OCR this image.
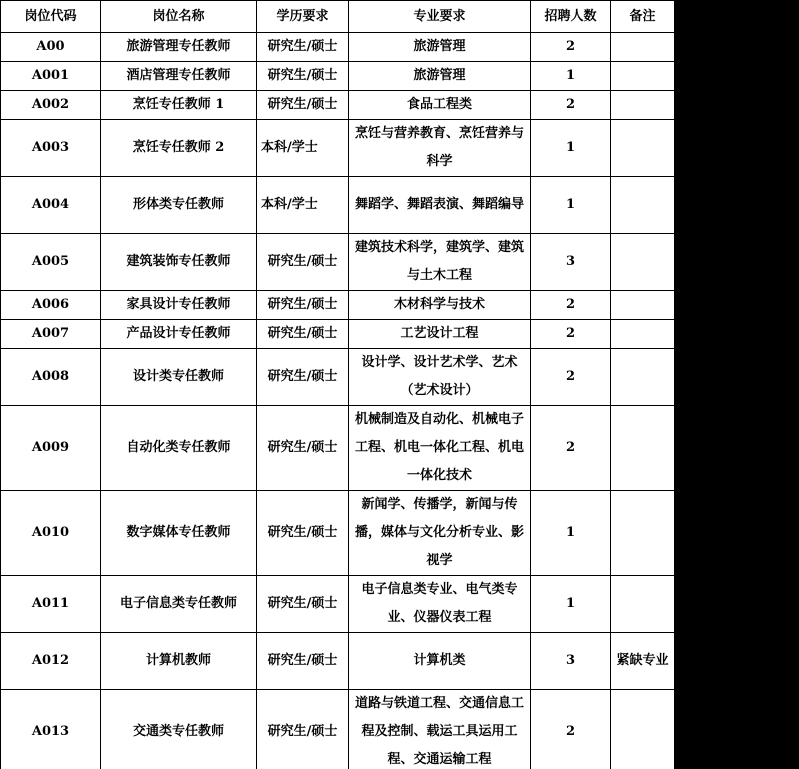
岗位代码	岗位名称	学历要求	专业要求	招聘人数	备注
A00	旅游管理专任教师	研究生/硕士	旅游管理	2	
A001	酒店管理专任教师	研究生/硕士	旅游管理	1	
A002	烹饪专任教师 1	研究生/硕士	食品工程类	2	
A003	烹饪专任教师 2	本科/学士	烹饪与营养教育、烹饪营养与科学	1	
A004	形体类专任教师	本科/学士	舞蹈学、舞蹈表演、舞蹈编导	1	
A005	建筑装饰专任教师	研究生/硕士	建筑技术科学，建筑学、建筑与土木工程	3	
A006	家具设计专任教师	研究生/硕士	木材科学与技术	2	
A007	产品设计专任教师	研究生/硕士	工艺设计工程	2	
A008	设计类专任教师	研究生/硕士	设计学、设计艺术学、艺术（艺术设计）	2	
A009	自动化类专任教师	研究生/硕士	机械制造及自动化、机械电子工程、机电一体化工程、机电一体化技术	2	
A010	数字媒体专任教师	研究生/硕士	新闻学、传播学，新闻与传播，媒体与文化分析专业、影视学	1	
A011	电子信息类专任教师	研究生/硕士	电子信息类专业、电气类专业、仪器仪表工程	1	
A012	计算机教师	研究生/硕士	计算机类	3	紧缺专业
A013	交通类专任教师	研究生/硕士	道路与铁道工程、交通信息工程及控制、载运工具运用工程、交通运输工程	2	
